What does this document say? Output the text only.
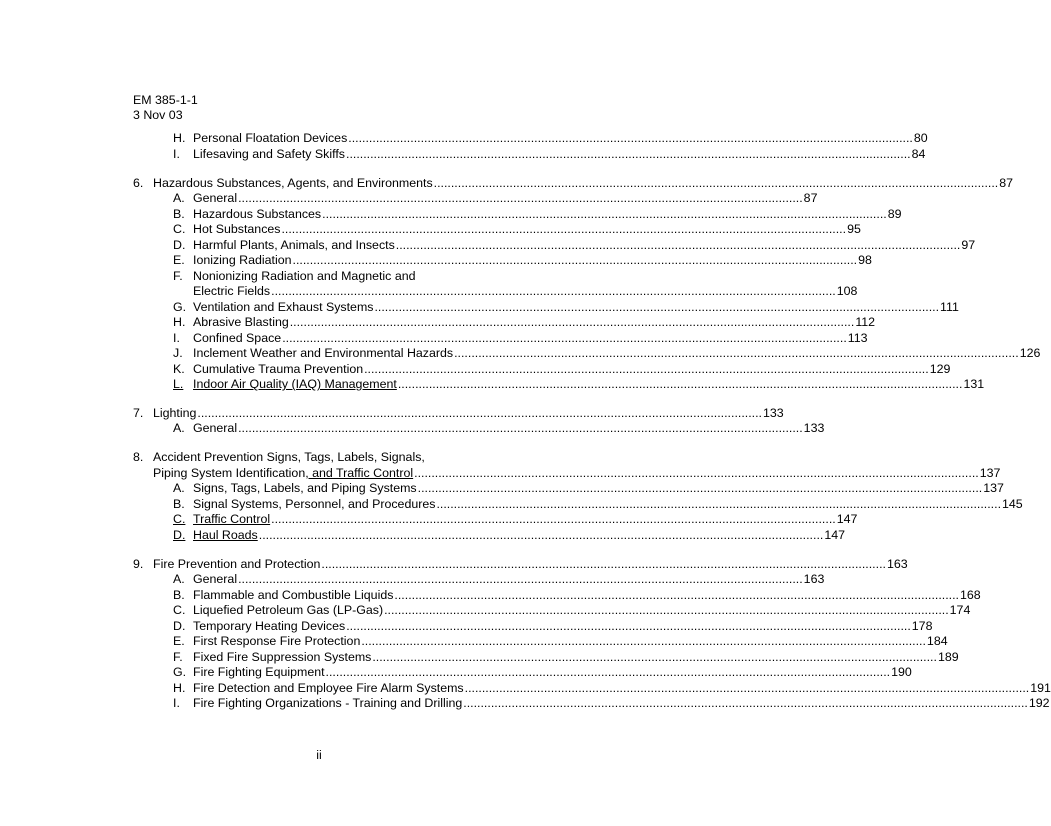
EM 385-1-1
3 Nov 03
H. Personal Floatation Devices .................................................................................................................................................................... 80
I. Lifesaving and Safety Skiffs .................................................................................................................................................................... 84
6. Hazardous Substances, Agents, and Environments .................................................................................................................................................................... 87
A. General .................................................................................................................................................................... 87
B. Hazardous Substances .................................................................................................................................................................... 89
C. Hot Substances .................................................................................................................................................................... 95
D. Harmful Plants, Animals, and Insects .................................................................................................................................................................... 97
E. Ionizing Radiation .................................................................................................................................................................... 98
F. Nonionizing Radiation and Magnetic and
Electric Fields .................................................................................................................................................................... 108
G. Ventilation and Exhaust Systems .................................................................................................................................................................... 111
H. Abrasive Blasting .................................................................................................................................................................... 112
I. Confined Space .................................................................................................................................................................... 113
J. Inclement Weather and Environmental Hazards .................................................................................................................................................................... 126
K. Cumulative Trauma Prevention .................................................................................................................................................................... 129
L. Indoor Air Quality (IAQ) Management .................................................................................................................................................................... 131
7. Lighting .................................................................................................................................................................... 133
A. General .................................................................................................................................................................... 133
8. Accident Prevention Signs, Tags, Labels, Signals,
Piping System Identification, and Traffic Control .................................................................................................................................................................... 137
A. Signs, Tags, Labels, and Piping Systems .................................................................................................................................................................... 137
B. Signal Systems, Personnel, and Procedures .................................................................................................................................................................... 145
C. Traffic Control .................................................................................................................................................................... 147
D. Haul Roads .................................................................................................................................................................... 147
9. Fire Prevention and Protection .................................................................................................................................................................... 163
A. General .................................................................................................................................................................... 163
B. Flammable and Combustible Liquids .................................................................................................................................................................... 168
C. Liquefied Petroleum Gas (LP-Gas) .................................................................................................................................................................... 174
D. Temporary Heating Devices .................................................................................................................................................................... 178
E. First Response Fire Protection .................................................................................................................................................................... 184
F. Fixed Fire Suppression Systems .................................................................................................................................................................... 189
G. Fire Fighting Equipment .................................................................................................................................................................... 190
H. Fire Detection and Employee Fire Alarm Systems .................................................................................................................................................................... 191
I. Fire Fighting Organizations - Training and Drilling .................................................................................................................................................................... 192
ii
